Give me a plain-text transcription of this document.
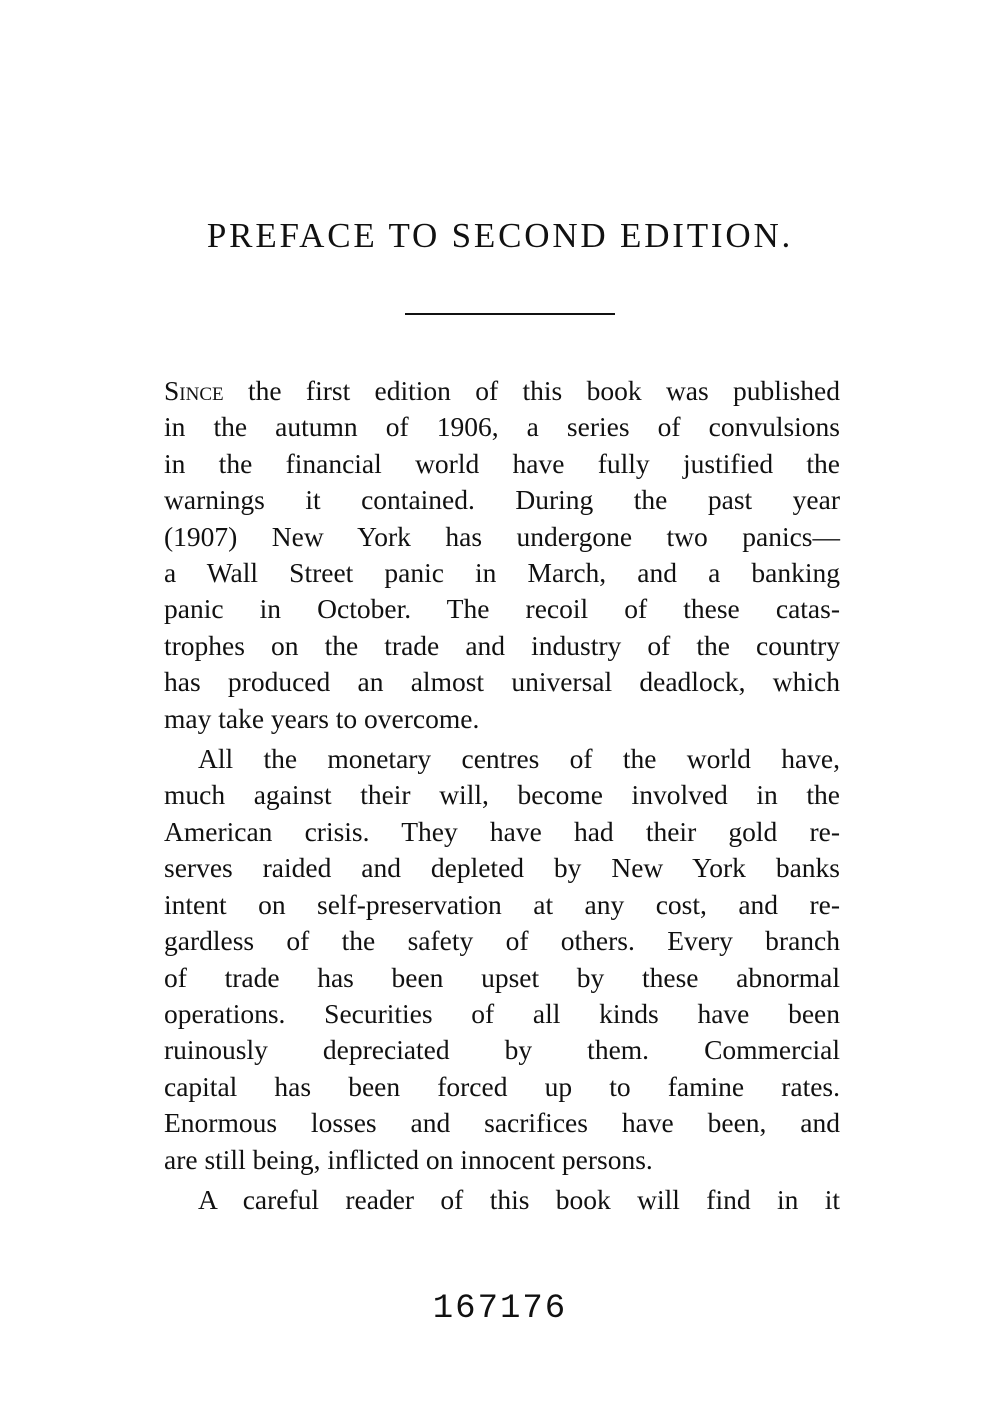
PREFACE TO SECOND EDITION.
Since the first edition of this book was published
in the autumn of 1906, a series of convulsions
in the financial world have fully justified the
warnings it contained. During the past year
(1907) New York has undergone two panics—
a Wall Street panic in March, and a banking
panic in October. The recoil of these catas-
trophes on the trade and industry of the country
has produced an almost universal deadlock, which
may take years to overcome.
All the monetary centres of the world have,
much against their will, become involved in the
American crisis. They have had their gold re-
serves raided and depleted by New York banks
intent on self-preservation at any cost, and re-
gardless of the safety of others. Every branch
of trade has been upset by these abnormal
operations. Securities of all kinds have been
ruinously depreciated by them. Commercial
capital has been forced up to famine rates.
Enormous losses and sacrifices have been, and
are still being, inflicted on innocent persons.
A careful reader of this book will find in it
167176
